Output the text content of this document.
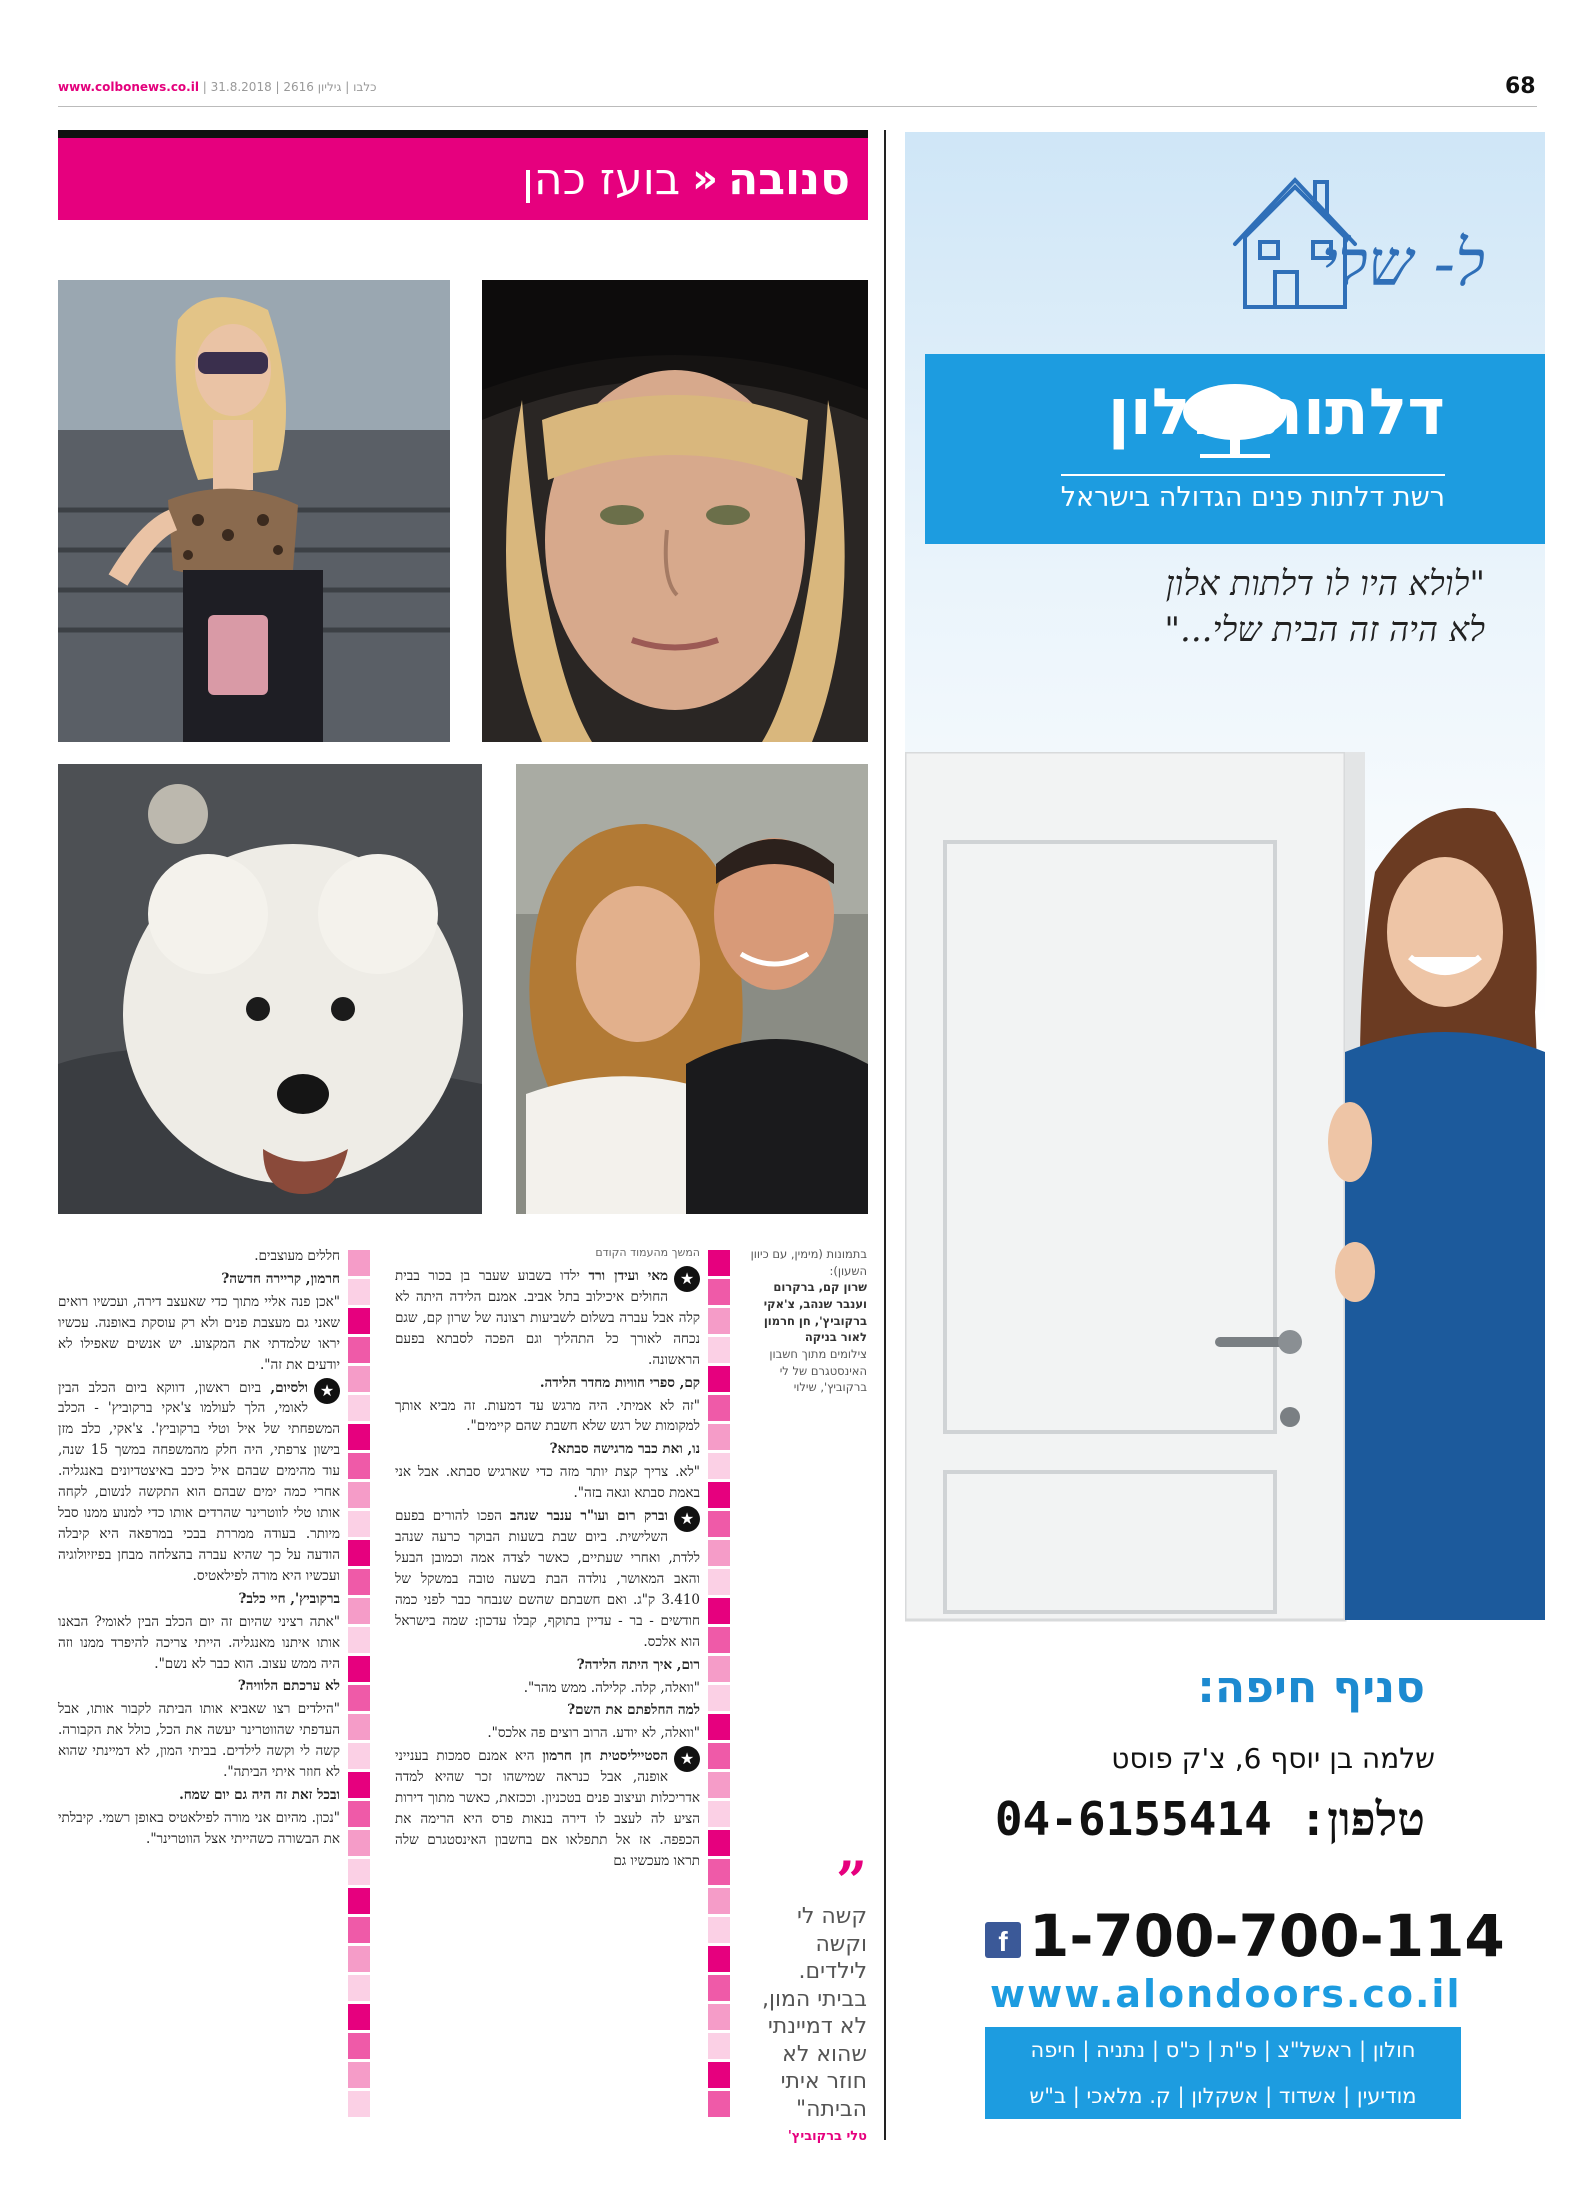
www.colbonews.co.il |	כלבו | גיליון 2616 | 31.8.2018	68
סנובה
«
בועז כהן
בתמונות (מימין, עם כיוון השעון):
שרון קם, ברקרום וענבר שנהב, צ'אקי ברקוביץ', חן חרמון לאור בניקה
צילומים מתוך חשבון האינסטגרם של לי ברקוביץ', שילוי
המשך מהעמוד הקודם

★
מאי ועידן ורד ילדו בשבוע שעבר בן בכור בבית החולים איכילוב בתל אביב. אמנם הלידה היתה לא קלה אבל עברה בשלום לשביעות רצונה של שרון קם, שגם נכחה לאורך כל התהליך וגם הפכה לסבתא בפעם הראשונה.

קם, ספרי חוויות מחדר הלידה.

"זה לא אמיתי. היה מרגש עד דמעות. זה מביא אותך למקומות של רגש שלא חשבת שהם קיימים".

נו, ואת כבר מרגישה סבתא?

"לא. צריך קצת יותר מזה כדי שארגיש סבתא. אבל אני באמת סבתא וגאה בזה".

★
וברק רום ועו"ר ענבר שנהב הפכו להורים בפעם השלישית. ביום שבת בשעות הבוקר כרעה שנהב ללדת, ואחרי שעתיים, כאשר לצדה אמה וכמובן הבעל והאב המאושר, נולדה הבת בשעה טובה במשקל של 3.410 ק"ג. ואם חשבתם שהשם שנבחר כבר לפני כמה חודשים - בר - עדיין בתוקף, קבלו עדכון: שמה בישראל הוא אלכס.

רום, איך היתה הלידה?

"וואלה, קלה. קלילה. ממש מהר".

למה החלפתם את השם?

"וואלה, לא יודע. הרוב רוצים פה אלכס".

★
הסטייליסטית חן חרמון היא אמנם סמכות בענייני אופנה, אבל כנראה שמישהו זכר שהיא למדה אדריכלות ועיצוב פנים בטכניון. וככזאת, כאשר מתוך דירות הציע לה לעצב לו דירה בנאות פרס היא הרימה את הכפפה. אז אל תתפלאו אם בחשבון האינסטגרם שלה תראו מעכשיו גם

חללים מעוצבים.

חרמון, קריירה חדשה?

"אכן פנה אליי מתוך כדי שאעצב דירה, ועכשיו רואים שאני גם מעצבת פנים ולא רק עוסקת באופנה. עכשיו יראו שלמדתי את המקצוע. יש אנשים שאפילו לא יודעים את זה".

★
ולסיום, ביום ראשון, דווקא ביום הכלב הבין לאומי, הלך לעולמו צ'אקי ברקוביץ' - הכלב המשפחתי של איל וטלי ברקוביץ'. צ'אקי, כלב מזן בישון צרפתי, היה חלק מהמשפחה במשך 15 שנה, עוד מהימים שבהם איל כיכב באיצטדיונים באנגליה. אחרי כמה ימים שבהם הוא התקשה לנשום, לקחה אותו טלי לווטרינר שהרדים אותו כדי למנוע ממנו סבל מיותר. בעודה ממררת בבכי במרפאה היא קיבלה הודעה על כך שהיא עברה בהצלחה מבחן בפיזיולוגיה ועכשיו היא מורה לפילאטיס.

ברקוביץ', חיי כלב?

"אתה רציני שהיום זה יום הכלב הבין לאומי? הבאנו אותו איתנו מאנגליה. הייתי צריכה להיפרד ממנו וזה היה ממש עצוב. הוא כבר לא נשם".

לא ערכתם הלוויה?

"הילדים רצו שאביא אותו הביתה לקבור אותו, אבל העדפתי שהווטרינר יעשה את הכל, כולל את הקבורה. קשה לי וקשה לילדים. בביתי המון, לא דמיינתי שהוא לא חוזר איתי הביתה".

ובכל זאת זה היה גם יום שמח.

"נכון. מהיום אני מורה לפילאטיס באופן רשמי. קיבלתי את הבשורה כשהייתי אצל הווטרינר".

”
קשה לי וקשה לילדים. בביתי המון, לא דמיינתי שהוא לא חוזר איתי הביתה"
טלי ברקוביץ'
ל- שלי
דלתות אלון
רשת דלתות פנים הגדולה בישראל
"לולא היו לו דלתות אלון
לא היה זה הבית שלי..."
סניף חיפה:
שלמה בן יוסף 6, צ'ק פוסט
טלפון: 04-6155414
f 1-700-700-114
www.alondoors.co.il
חולון | ראשל"צ | פ"ת | כ"ס | נתניה | חיפה
מודיעין | אשדוד | אשקלון | ק. מלאכי | ב"ש
